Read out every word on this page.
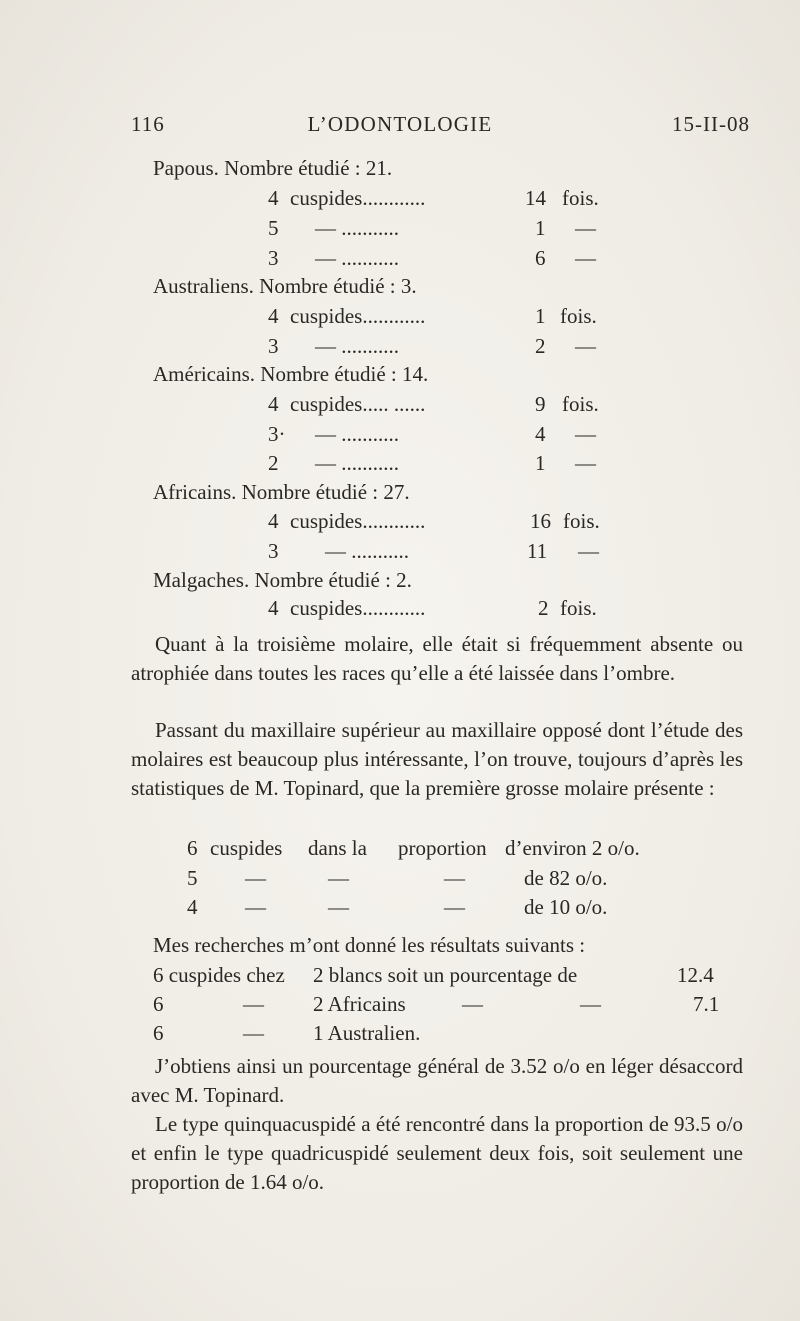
116	L’ODONTOLOGIE	15-II-08
Papous. Nombre étudié : 21.
4 cuspides............	14 fois.
5 — ...........	1 —
3 — ...........	6 —
Australiens. Nombre étudié : 3.
4 cuspides............	1 fois.
3 — ...........	2 —
Américains. Nombre étudié : 14.
4 cuspides..... ......	9 fois.
3· — ...........	4 —
2 — ...........	1 —
Africains. Nombre étudié : 27.
4 cuspides............	16 fois.
3 — ...........	11 —
Malgaches. Nombre étudié : 2.
4 cuspides............	2 fois.

Quant à la troisième molaire, elle était si fréquemment absente ou atrophiée dans toutes les races qu’elle a été laissée dans l’ombre.

Passant du maxillaire supérieur au maxillaire opposé dont l’étude des molaires est beaucoup plus intéressante, l’on trouve, toujours d’après les statistiques de M. Topinard, que la première grosse molaire présente :

6 cuspides dans la proportion d’environ 2 o/o.
5 —	—	—	de 82 o/o.
4 —	—	—	de 10 o/o.
Mes recherches m’ont donné les résultats suivants :
6 cuspides chez 2 blancs soit un pourcentage de	12.4
6	— 2 Africains	—	—	7.1
6	— 1 Australien.

J’obtiens ainsi un pourcentage général de 3.52 o/o en léger désaccord avec M. Topinard.

Le type quinquacuspidé a été rencontré dans la proportion de 93.5 o/o et enfin le type quadricuspidé seulement deux fois, soit seulement une proportion de 1.64 o/o.
